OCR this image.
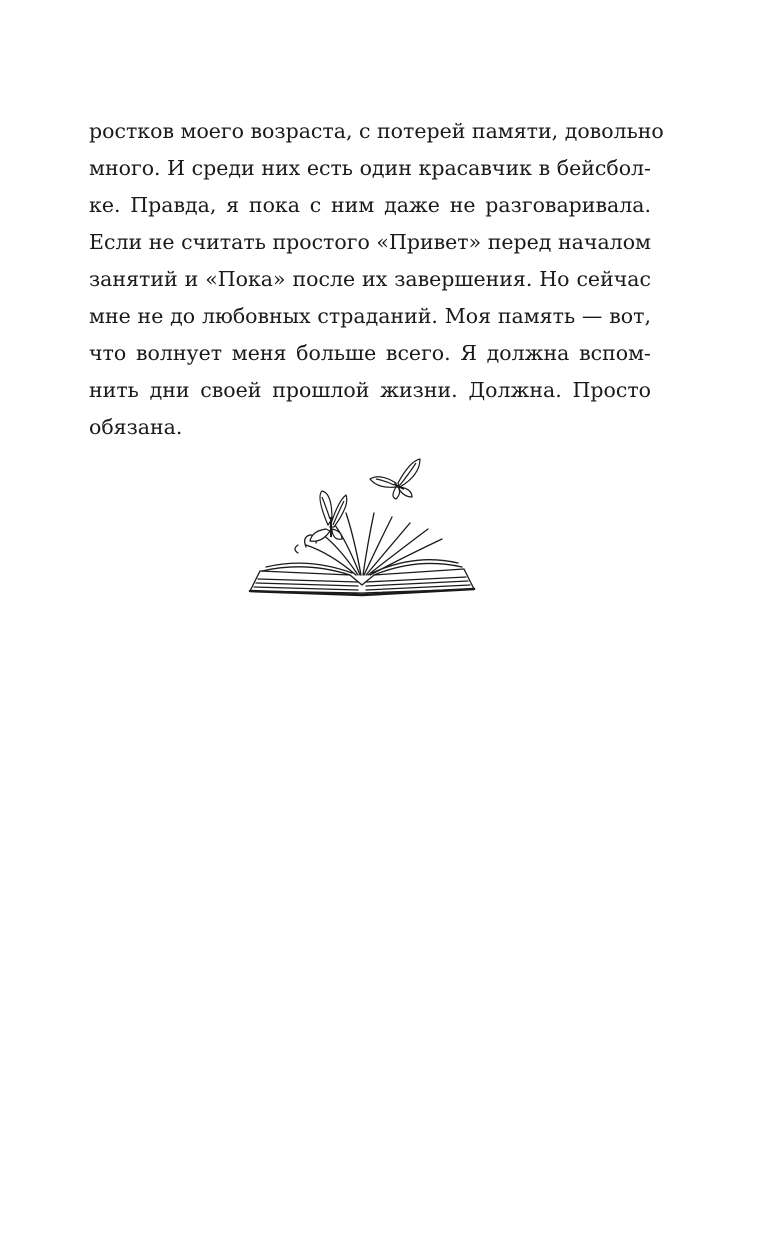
ростков моего возраста, с потерей памяти, довольно
много. И среди них есть один красавчик в бейсбол-
ке. Правда, я пока с ним даже не разговаривала.
Если не считать простого «Привет» перед началом
занятий и «Пока» после их завершения. Но сейчас
мне не до любовных страданий. Моя память — вот,
что волнует меня больше всего. Я должна вспом-
нить дни своей прошлой жизни. Должна. Просто
обязана.
